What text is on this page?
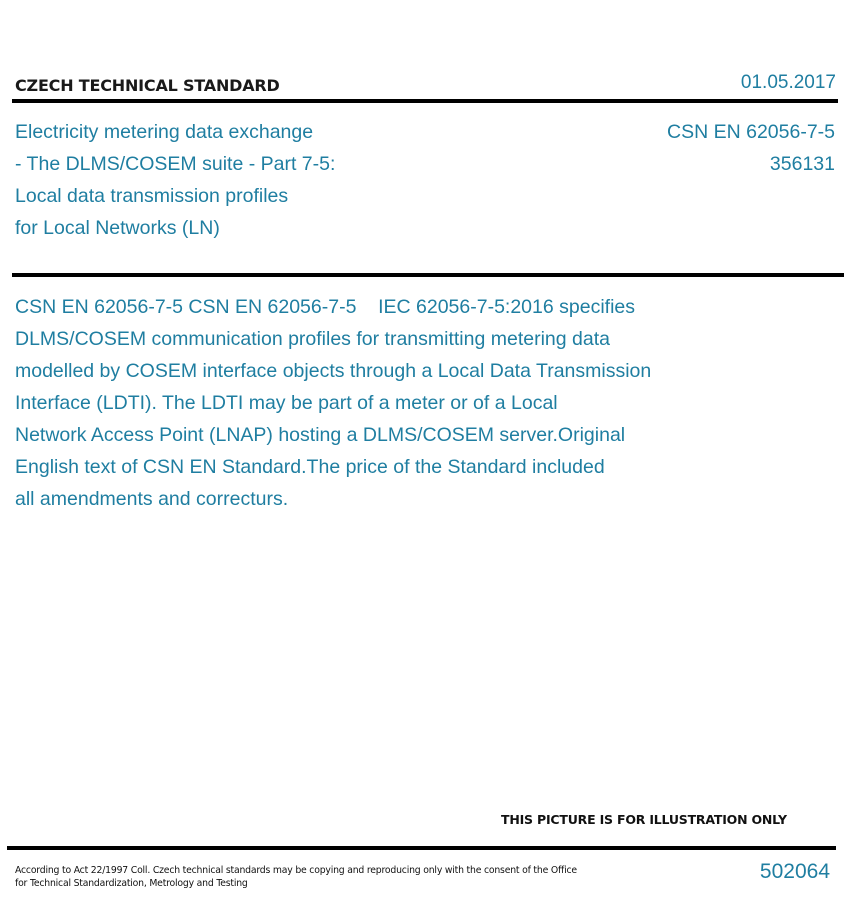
CZECH TECHNICAL STANDARD	01.05.2017
Electricity metering data exchange
- The DLMS/COSEM suite - Part 7-5:
Local data transmission profiles
for Local Networks (LN)
CSN EN 62056-7-5
356131
CSN EN 62056-7-5 CSN EN 62056-7-5    IEC 62056-7-5:2016 specifies
DLMS/COSEM communication profiles for transmitting metering data
modelled by COSEM interface objects through a Local Data Transmission
Interface (LDTI). The LDTI may be part of a meter or of a Local
Network Access Point (LNAP) hosting a DLMS/COSEM server.Original
English text of CSN EN Standard.The price of the Standard included
all amendments and correcturs.
THIS PICTURE IS FOR ILLUSTRATION ONLY
According to Act 22/1997 Coll. Czech technical standards may be copying and reproducing only with the consent of the Office
for Technical Standardization, Metrology and Testing
502064
